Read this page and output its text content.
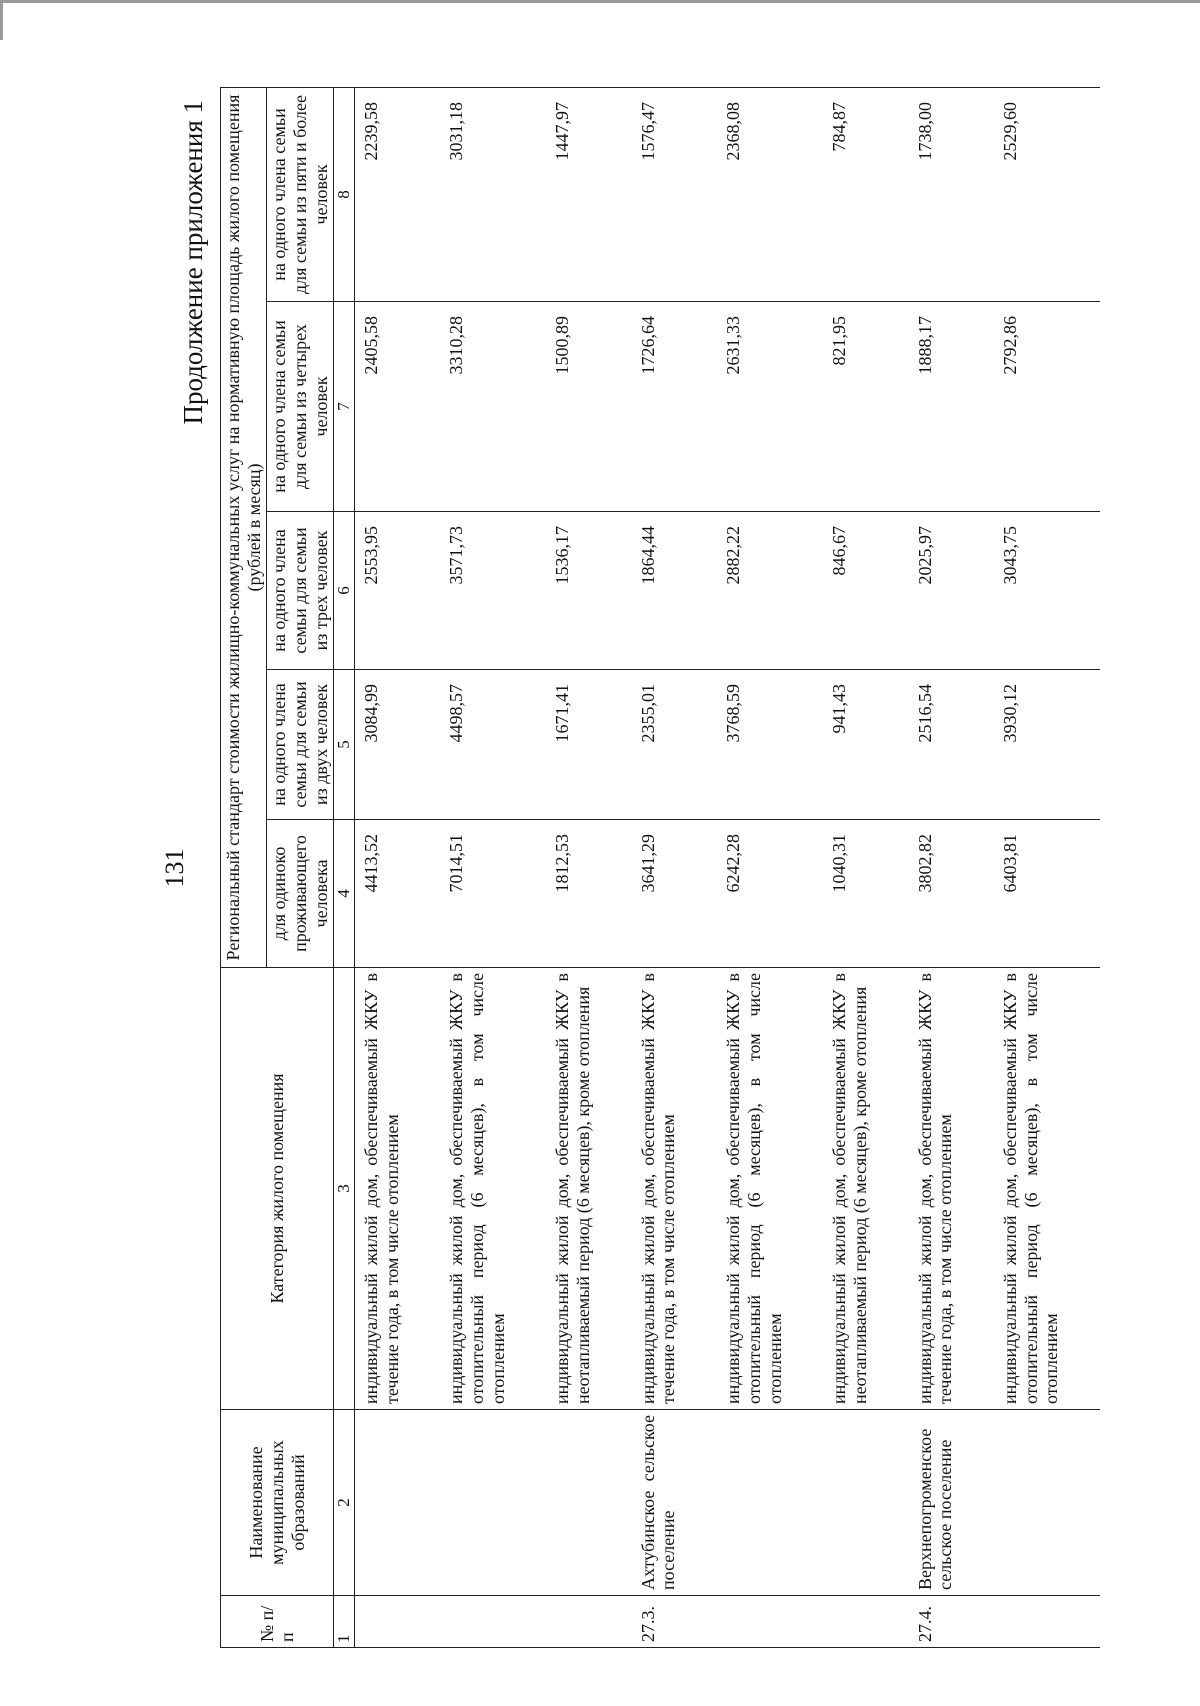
131
Продолжение приложения 1
№ п/п	Наименование муниципальных образований	Категория жилого помещения	Региональный стандарт стоимости жилищно-коммунальных услуг на нормативную площадь жилого помещения (рублей в месяц)				
			для одиноко проживающего человека	на одного члена семьи для семьи из двух человек	на одного члена семьи для семьи из трех человек	на одного члена семьи для семьи из четырех человек	на одного члена семьи для семьи из пяти и более человек
1	2	3	4	5	6	7	8
		индивидуальный жилой дом, обеспечиваемый ЖКУ в течение года, в том числе отоплением	4413,52	3084,99	2553,95	2405,58	2239,58
		индивидуальный жилой дом, обеспечиваемый ЖКУ в отопительный период (6 месяцев), в том числе отоплением	7014,51	4498,57	3571,73	3310,28	3031,18
		индивидуальный жилой дом, обеспечиваемый ЖКУ в неотапливаемый период (6 месяцев), кроме отопления	1812,53	1671,41	1536,17	1500,89	1447,97
27.3.	Ахтубинское сельское поселение	индивидуальный жилой дом, обеспечиваемый ЖКУ в течение года, в том числе отоплением	3641,29	2355,01	1864,44	1726,64	1576,47
		индивидуальный жилой дом, обеспечиваемый ЖКУ в отопительный период (6 месяцев), в том числе отоплением	6242,28	3768,59	2882,22	2631,33	2368,08
		индивидуальный жилой дом, обеспечиваемый ЖКУ в неотапливаемый период (6 месяцев), кроме отопления	1040,31	941,43	846,67	821,95	784,87
27.4.	Верхнепогроменское сельское поселение	индивидуальный жилой дом, обеспечиваемый ЖКУ в течение года, в том числе отоплением	3802,82	2516,54	2025,97	1888,17	1738,00
		индивидуальный жилой дом, обеспечиваемый ЖКУ в отопительный период (6 месяцев), в том числе отоплением	6403,81	3930,12	3043,75	2792,86	2529,60
